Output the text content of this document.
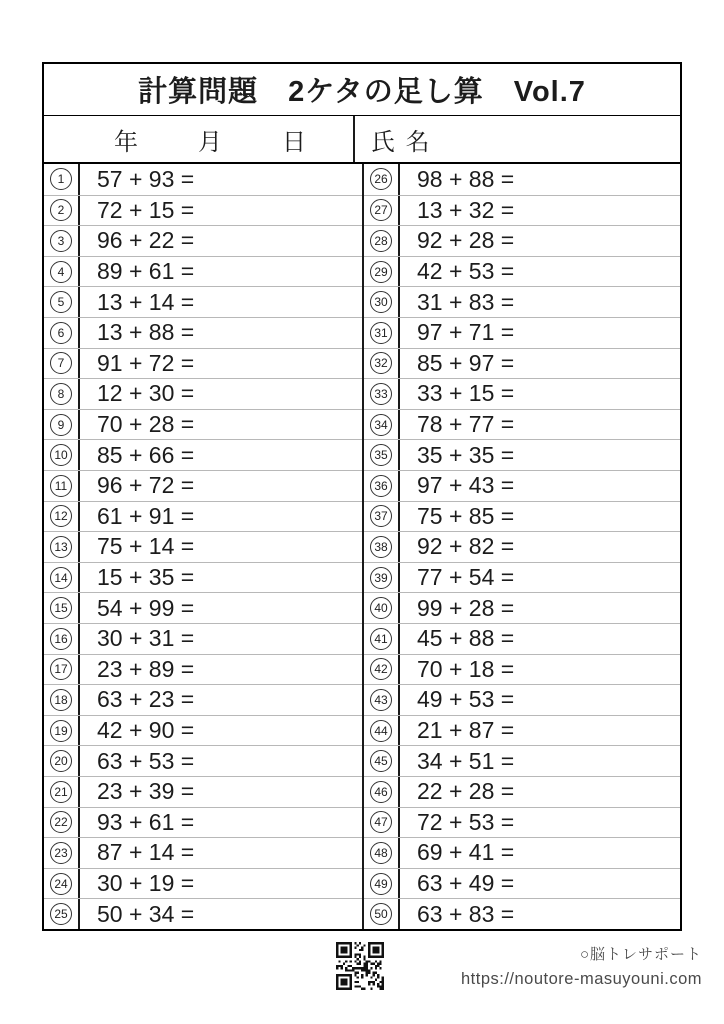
計算問題　2ケタの足し算　Vol.7
年	月	日	氏 名
1	57 + 93 =
2	72 + 15 =
3	96 + 22 =
4	89 + 61 =
5	13 + 14 =
6	13 + 88 =
7	91 + 72 =
8	12 + 30 =
9	70 + 28 =
10	85 + 66 =
11	96 + 72 =
12	61 + 91 =
13	75 + 14 =
14	15 + 35 =
15	54 + 99 =
16	30 + 31 =
17	23 + 89 =
18	63 + 23 =
19	42 + 90 =
20	63 + 53 =
21	23 + 39 =
22	93 + 61 =
23	87 + 14 =
24	30 + 19 =
25	50 + 34 =
26	98 + 88 =
27	13 + 32 =
28	92 + 28 =
29	42 + 53 =
30	31 + 83 =
31	97 + 71 =
32	85 + 97 =
33	33 + 15 =
34	78 + 77 =
35	35 + 35 =
36	97 + 43 =
37	75 + 85 =
38	92 + 82 =
39	77 + 54 =
40	99 + 28 =
41	45 + 88 =
42	70 + 18 =
43	49 + 53 =
44	21 + 87 =
45	34 + 51 =
46	22 + 28 =
47	72 + 53 =
48	69 + 41 =
49	63 + 49 =
50	63 + 83 =
○脳トレサポート
https://noutore-masuyouni.com
